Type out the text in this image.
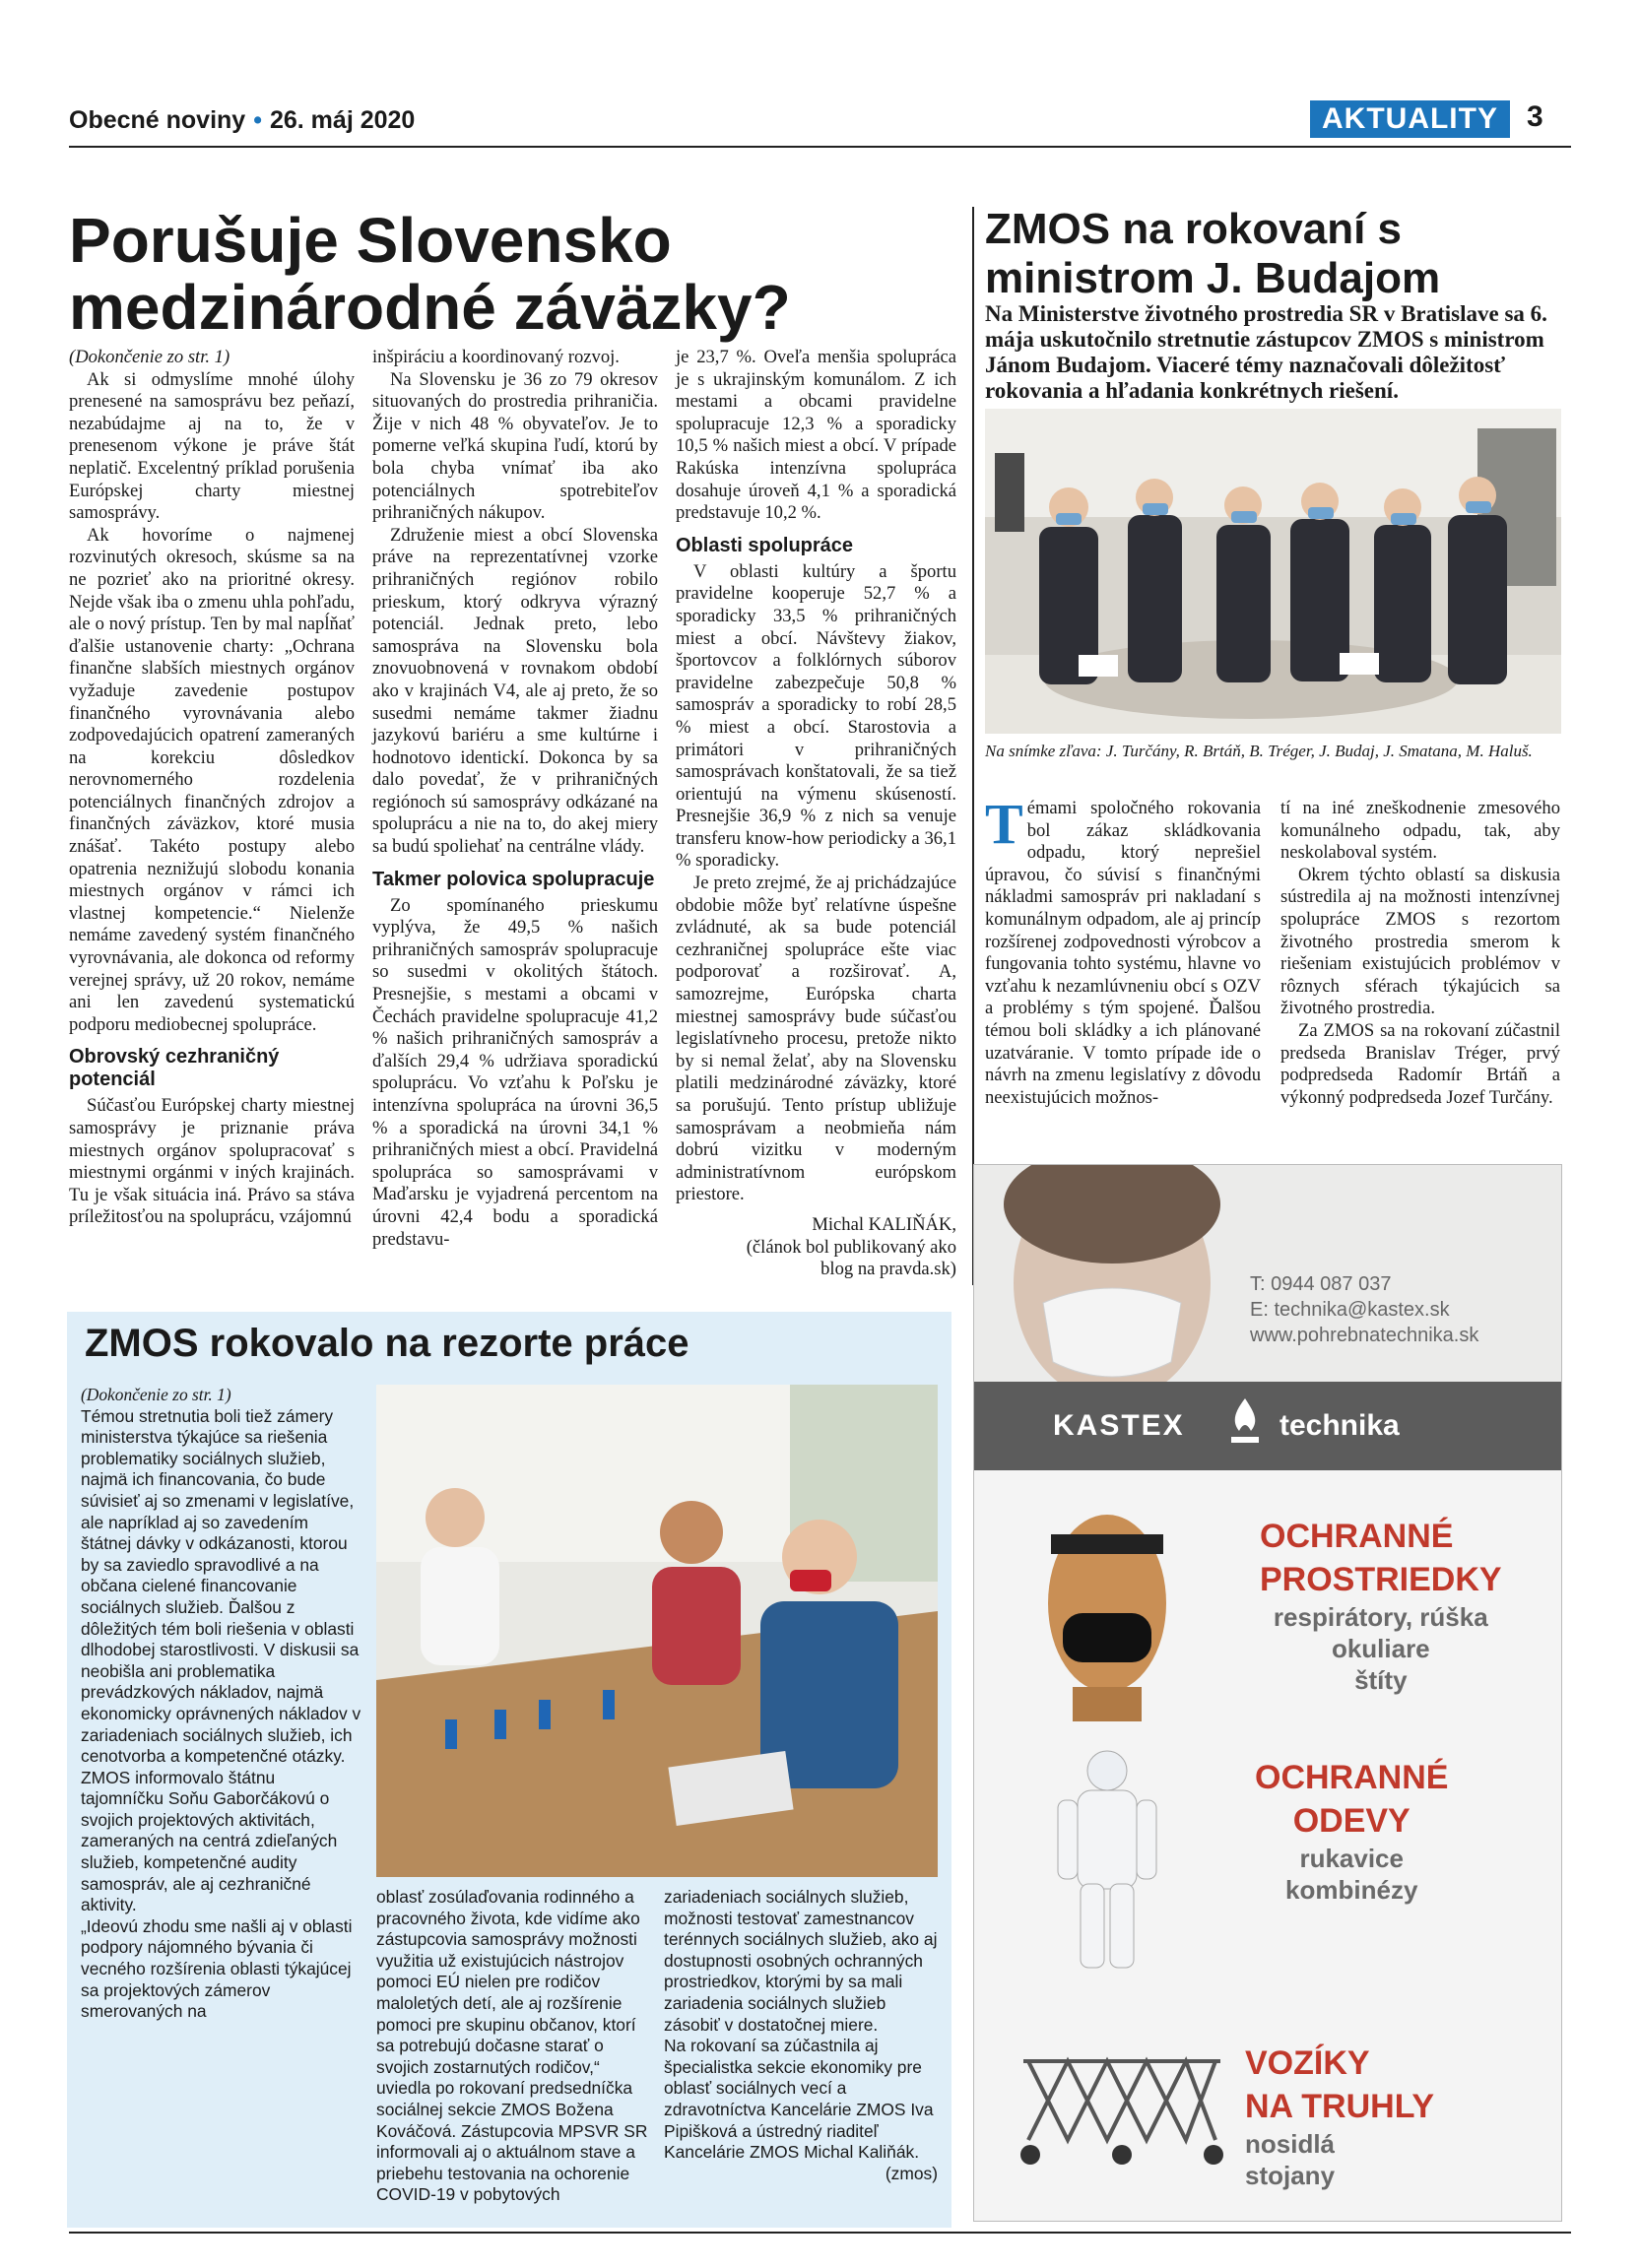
Obecné noviny • 26. máj 2020	AKTUALITY 3
Porušuje Slovensko medzinárodné záväzky?

(Dokončenie zo str. 1)

Ak si odmyslíme mnohé úlohy prenesené na samosprávu bez peňazí, nezabúdajme aj na to, že v prenesenom výkone je práve štát neplatič. Excelentný príklad porušenia Európskej charty miestnej samosprávy.

Ak hovoríme o najmenej rozvinutých okresoch, skúsme sa na ne pozrieť ako na prioritné okresy. Nejde však iba o zmenu uhla pohľadu, ale o nový prístup. Ten by mal napĺňať ďalšie ustanovenie charty: „Ochrana finančne slabších miestnych orgánov vyžaduje zavedenie postupov finančného vyrovnávania alebo zodpovedajúcich opatrení zameraných na korekciu dôsledkov nerovnomerného rozdelenia potenciálnych finančných zdrojov a finančných záväzkov, ktoré musia znášať. Takéto postupy alebo opatrenia neznižujú slobodu konania miestnych orgánov v rámci ich vlastnej kompetencie.“ Nielenže nemáme zavedený systém finančného vyrovnávania, ale dokonca od reformy verejnej správy, už 20 rokov, nemáme ani len zavedenú systematickú podporu mediobecnej spolupráce.

Obrovský cezhraničný potenciál

Súčasťou Európskej charty miestnej samosprávy je priznanie práva miestnych orgánov spolupracovať s miestnymi orgánmi v iných krajinách. Tu je však situácia iná. Právo sa stáva príležitosťou na spoluprácu, vzájomnú

inšpiráciu a koordinovaný rozvoj.

Na Slovensku je 36 zo 79 okresov situovaných do prostredia prihraničia. Žije v nich 48 % obyvateľov. Je to pomerne veľká skupina ľudí, ktorú by bola chyba vnímať iba ako potenciálnych spotrebiteľov prihraničných nákupov.

Združenie miest a obcí Slovenska práve na reprezentatívnej vzorke prihraničných regiónov robilo prieskum, ktorý odkryva výrazný potenciál. Jednak preto, lebo samospráva na Slovensku bola znovuobnovená v rovnakom období ako v krajinách V4, ale aj preto, že so susedmi nemáme takmer žiadnu jazykovú bariéru a sme kultúrne i hodnotovo identickí. Dokonca by sa dalo povedať, že v prihraničných regiónoch sú samosprávy odkázané na spoluprácu a nie na to, do akej miery sa budú spoliehať na centrálne vlády.

Takmer polovica spolupracuje

Zo spomínaného prieskumu vyplýva, že 49,5 % našich prihraničných samospráv spolupracuje so susedmi v okolitých štátoch. Presnejšie, s mestami a obcami v Čechách pravidelne spolupracuje 41,2 % našich prihraničných samospráv a ďalších 29,4 % udržiava sporadickú spoluprácu. Vo vzťahu k Poľsku je intenzívna spolupráca na úrovni 36,5 % a sporadická na úrovni 34,1 % prihraničných miest a obcí. Pravidelná spolupráca so samosprávami v Maďarsku je vyjadrená percentom na úrovni 42,4 bodu a sporadická predstavu-

je 23,7 %. Oveľa menšia spolupráca je s ukrajinským komunálom. Z ich mestami a obcami pravidelne spolupracuje 12,3 % a sporadicky 10,5 % našich miest a obcí. V prípade Rakúska intenzívna spolupráca dosahuje úroveň 4,1 % a sporadická predstavuje 10,2 %.

Oblasti spolupráce

V oblasti kultúry a športu pravidelne kooperuje 52,7 % a sporadicky 33,5 % prihraničných miest a obcí. Návštevy žiakov, športovcov a folklórnych súborov pravidelne zabezpečuje 50,8 % samospráv a sporadicky to robí 28,5 % miest a obcí. Starostovia a primátori v prihraničných samosprávach konštatovali, že sa tiež orientujú na výmenu skúseností. Presnejšie 36,9 % z nich sa venuje transferu know-how periodicky a 36,1 % sporadicky.

Je preto zrejmé, že aj prichádzajúce obdobie môže byť relatívne úspešne zvládnuté, ak sa bude potenciál cezhraničnej spolupráce ešte viac podporovať a rozširovať. A, samozrejme, Európska charta miestnej samosprávy bude súčasťou legislatívneho procesu, pretože nikto by si nemal želať, aby na Slovensku platili medzinárodné záväzky, ktoré sa porušujú. Tento prístup ubližuje samosprávam a neobmieňa nám dobrú vizitku v moderným administratívnom európskom priestore.

Michal KALIŇÁK,

(článok bol publikovaný ako

blog na pravda.sk)

ZMOS na rokovaní s ministrom J. Budajom
Na Ministerstve životného prostredia SR v Bratislave sa 6. mája uskutočnilo stretnutie zástupcov ZMOS s ministrom Jánom Budajom. Viaceré témy naznačovali dôležitosť rokovania a hľadania konkrétnych riešení.
Na snímke zľava: J. Turčány, R. Brtáň, B. Tréger, J. Budaj, J. Smatana, M. Haluš.

Témami spoločného rokovania bol zákaz skládkovania odpadu, ktorý neprešiel úpravou, čo súvisí s finančnými nákladmi samospráv pri nakladaní s komunálnym odpadom, ale aj princíp rozšírenej zodpovednosti výrobcov a fungovania tohto systému, hlavne vo vzťahu k nezamlúvneniu obcí s OZV a problémy s tým spojené. Ďalšou témou boli skládky a ich plánované uzatváranie. V tomto prípade ide o návrh na zmenu legislatívy z dôvodu neexistujúcich možnos-

tí na iné zneškodnenie zmesového komunálneho odpadu, tak, aby neskolaboval systém.

Okrem týchto oblastí sa diskusia sústredila aj na možnosti intenzívnej spolupráce ZMOS s rezortom životného prostredia smerom k riešeniam existujúcich problémov v rôznych sférach týkajúcich sa životného prostredia.

Za ZMOS sa na rokovaní zúčastnil predseda Branislav Tréger, prvý podpredseda Radomír Brtáň a výkonný podpredseda Jozef Turčány.

ZMOS rokovalo na rezorte práce

(Dokončenie zo str. 1)

Témou stretnutia boli tiež zámery ministerstva týkajúce sa riešenia problematiky sociálnych služieb, najmä ich financovania, čo bude súvisieť aj so zmenami v legislatíve, ale napríklad aj so zavedením štátnej dávky v odkázanosti, ktorou by sa zaviedlo spravodlivé a na občana cielené financovanie sociálnych služieb. Ďalšou z dôležitých tém boli riešenia v oblasti dlhodobej starostlivosti. V diskusii sa neobišla ani problematika prevádzkových nákladov, najmä ekonomicky oprávnených nákladov v zariadeniach sociálnych služieb, ich cenotvorba a kompetenčné otázky.

ZMOS informovalo štátnu tajomníčku Soňu Gaborčákovú o svojich projektových aktivitách, zameraných na centrá zdieľaných služieb, kompetenčné audity samospráv, ale aj cezhraničné aktivity.

„Ideovú zhodu sme našli aj v oblasti podpory nájomného bývania či vecného rozšírenia oblasti týkajúcej sa projektových zámerov smerovaných na

oblasť zosúlaďovania rodinného a pracovného života, kde vidíme ako zástupcovia samosprávy možnosti využitia už existujúcich nástrojov pomoci EÚ nielen pre rodičov maloletých detí, ale aj rozšírenie pomoci pre skupinu občanov, ktorí sa potrebujú dočasne starať o svojich zostarnutých rodičov,“ uviedla po rokovaní predsedníčka sociálnej sekcie ZMOS Božena Kováčová. Zástupcovia MPSVR SR informovali aj o aktuálnom stave a priebehu testovania na ochorenie COVID-19 v pobytových

zariadeniach sociálnych služieb, možnosti testovať zamestnancov terénnych sociálnych služieb, ako aj dostupnosti osobných ochranných prostriedkov, ktorými by sa mali zariadenia sociálnych služieb zásobiť v dostatočnej miere.

Na rokovaní sa zúčastnila aj špecialistka sekcie ekonomiky pre oblasť sociálnych vecí a zdravotníctva Kancelárie ZMOS Iva Pipišková a ústredný riaditeľ Kancelárie ZMOS Michal Kaliňák.

(zmos)

T: 0944 087 037
E: technika@kastex.sk
www.pohrebnatechnika.sk
KASTEX	technika
OCHRANNÉ
PROSTRIEDKY
respirátory, rúška
okuliare
štíty
OCHRANNÉ
ODEVY
rukavice
kombinézy
VOZÍKY
NA TRUHLY
nosidlá
stojany
